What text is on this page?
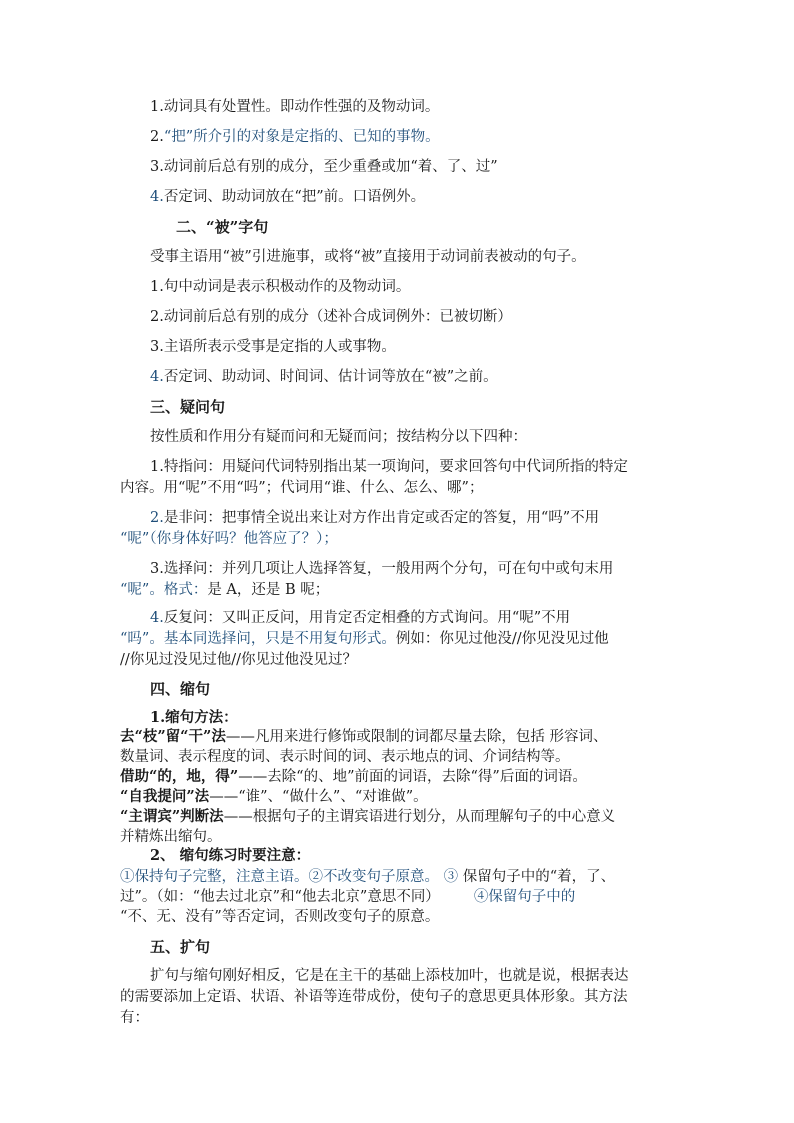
1.动词具有处置性。即动作性强的及物动词。
2.“把”所介引的对象是定指的、已知的事物。
3.动词前后总有别的成分，至少重叠或加“着、了、过”
4.否定词、助动词放在“把”前。口语例外。
二、“被”字句
受事主语用“被”引进施事，或将“被”直接用于动词前表被动的句子。
1.句中动词是表示积极动作的及物动词。
2.动词前后总有别的成分（述补合成词例外：已被切断）
3.主语所表示受事是定指的人或事物。
4.否定词、助动词、时间词、估计词等放在“被”之前。
三、疑问句
按性质和作用分有疑而问和无疑而问；按结构分以下四种：
1.特指问：用疑问代词特别指出某一项询问，要求回答句中代词所指的特定
内容。用“呢”不用“吗”；代词用“谁、什么、怎么、哪”；
2.是非问：把事情全说出来让对方作出肯定或否定的答复，用“吗”不用
“呢”（你身体好吗？他答应了？）；
3.选择问：并列几项让人选择答复，一般用两个分句，可在句中或句末用
“呢”。格式：是 A，还是 B 呢；
4.反复问：又叫正反问，用肯定否定相叠的方式询问。用“呢”不用
“吗”。基本同选择问，只是不用复句形式。例如：你见过他没//你见没见过他
//你见过没见过他//你见过他没见过？
四、缩句
1.缩句方法：
去“枝”留“干”法——凡用来进行修饰或限制的词都尽量去除，包括 形容词、
数量词、表示程度的词、表示时间的词、表示地点的词、介词结构等。
借助“的，地，得”——去除“的、地”前面的词语，去除“得”后面的词语。
“自我提问”法——“谁”、“做什么”、“对谁做”。
“主谓宾”判断法——根据句子的主谓宾语进行划分，从而理解句子的中心意义
并精炼出缩句。
2、 缩句练习时要注意：
①保持句子完整，注意主语。②不改变句子原意。 ③ 保留句子中的“着，了、
过”。（如：“他去过北京”和“他去北京”意思不同） ④保留句子中的
“不、无、没有”等否定词，否则改变句子的原意。
五、扩句
扩句与缩句刚好相反，它是在主干的基础上添枝加叶，也就是说，根据表达
的需要添加上定语、状语、补语等连带成份，使句子的意思更具体形象。其方法
有：
